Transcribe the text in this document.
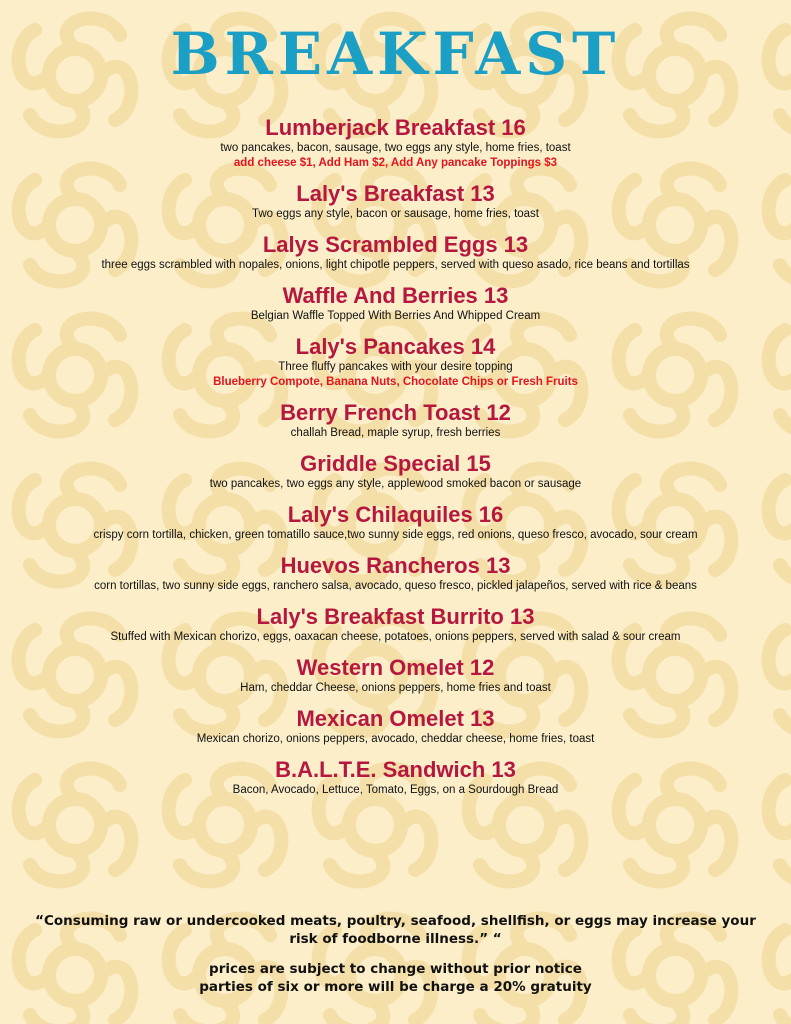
BREAKFAST
Lumberjack Breakfast 16
two pancakes, bacon, sausage, two eggs any style, home fries, toast
add cheese $1, Add Ham $2, Add Any pancake Toppings $3
Laly's Breakfast 13
Two eggs any style, bacon or sausage, home fries, toast
Lalys Scrambled Eggs 13
three eggs scrambled with nopales, onions, light chipotle peppers, served with queso asado, rice beans and tortillas
Waffle And Berries 13
Belgian Waffle Topped With Berries And Whipped Cream
Laly's Pancakes 14
Three fluffy pancakes with your desire topping
Blueberry Compote, Banana Nuts, Chocolate Chips or Fresh Fruits
Berry French Toast 12
challah Bread, maple syrup, fresh berries
Griddle Special 15
two pancakes, two eggs any style, applewood smoked bacon or sausage
Laly's Chilaquiles 16
crispy corn tortilla, chicken, green tomatillo sauce,two sunny side eggs, red onions, queso fresco, avocado, sour cream
Huevos Rancheros 13
corn tortillas, two sunny side eggs, ranchero salsa, avocado, queso fresco, pickled jalapeños, served with rice & beans
Laly's Breakfast Burrito 13
Stuffed with Mexican chorizo, eggs, oaxacan cheese, potatoes, onions peppers, served with salad & sour cream
Western Omelet 12
Ham, cheddar Cheese, onions peppers, home fries and toast
Mexican Omelet 13
Mexican chorizo, onions peppers, avocado, cheddar cheese, home fries, toast
B.A.L.T.E. Sandwich 13
Bacon, Avocado, Lettuce, Tomato, Eggs, on a Sourdough Bread
“Consuming raw or undercooked meats, poultry, seafood, shellfish, or eggs may increase your risk of foodborne illness.” “
prices are subject to change without prior notice
parties of six or more will be charge a 20% gratuity
